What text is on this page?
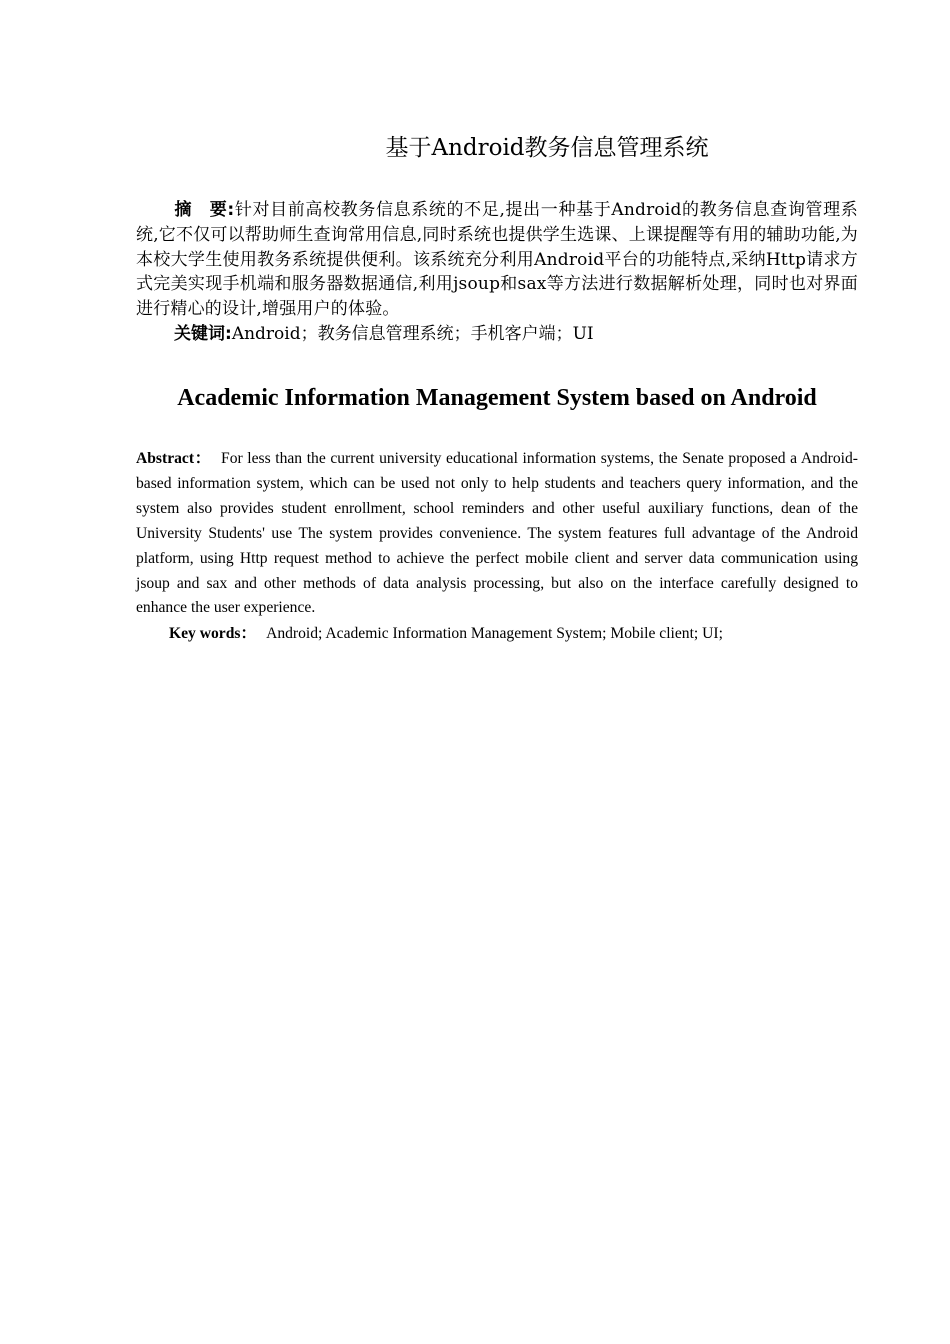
基于Android教务信息管理系统
摘　要:针对目前高校教务信息系统的不足,提出一种基于Android的教务信息查询管理系统,它不仅可以帮助师生查询常用信息,同时系统也提供学生选课、上课提醒等有用的辅助功能,为本校大学生使用教务系统提供便利。该系统充分利用Android平台的功能特点,采纳Http请求方式完美实现手机端和服务器数据通信,利用jsoup和sax等方法进行数据解析处理，同时也对界面进行精心的设计,增强用户的体验。
关键词:Android；教务信息管理系统；手机客户端；UI
Academic Information Management System based on Android
Abstract： For less than the current university educational information systems, the Senate proposed a Android-based information system, which can be used not only to help students and teachers query information, and the system also provides student enrollment, school reminders and other useful auxiliary functions, dean of the University Students' use The system provides convenience. The system features full advantage of the Android platform, using Http request method to achieve the perfect mobile client and server data communication using jsoup and sax and other methods of data analysis processing, but also on the interface carefully designed to enhance the user experience.
Key words： Android; Academic Information Management System; Mobile client; UI;
